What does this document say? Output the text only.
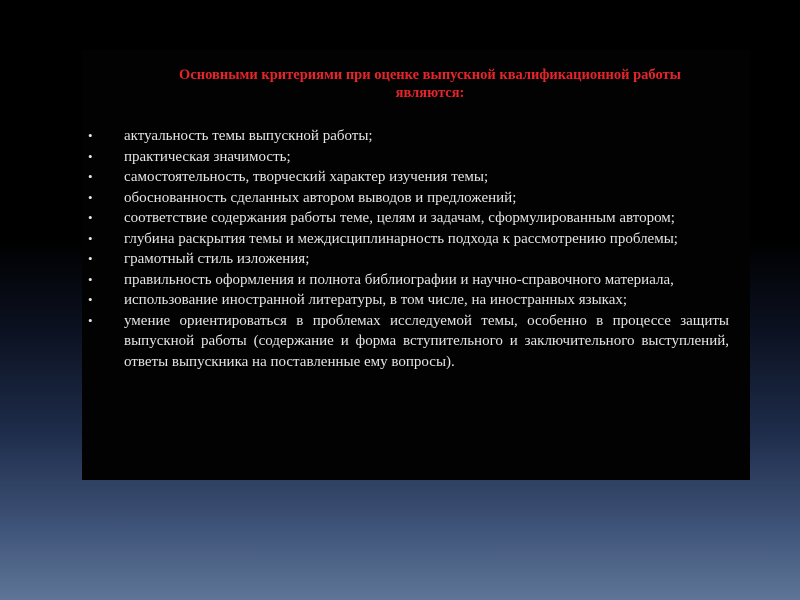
Основными критериями при оценке выпускной квалификационной работы
являются:
• актуальность темы выпускной работы;
• практическая значимость;
• самостоятельность, творческий характер изучения темы;
• обоснованность сделанных автором выводов и предложений;
• соответствие содержания работы теме, целям и задачам, сформулированным автором;
• глубина раскрытия темы и междисциплинарность подхода к рассмотрению проблемы;
• грамотный стиль изложения;
• правильность оформления и полнота библиографии и научно-справочного материала,
• использование иностранной литературы, в том числе, на иностранных языках;
• умение ориентироваться в проблемах исследуемой темы, особенно в процессе защиты выпускной работы (содержание и форма вступительного и заключительного выступлений, ответы выпускника на поставленные ему вопросы).
